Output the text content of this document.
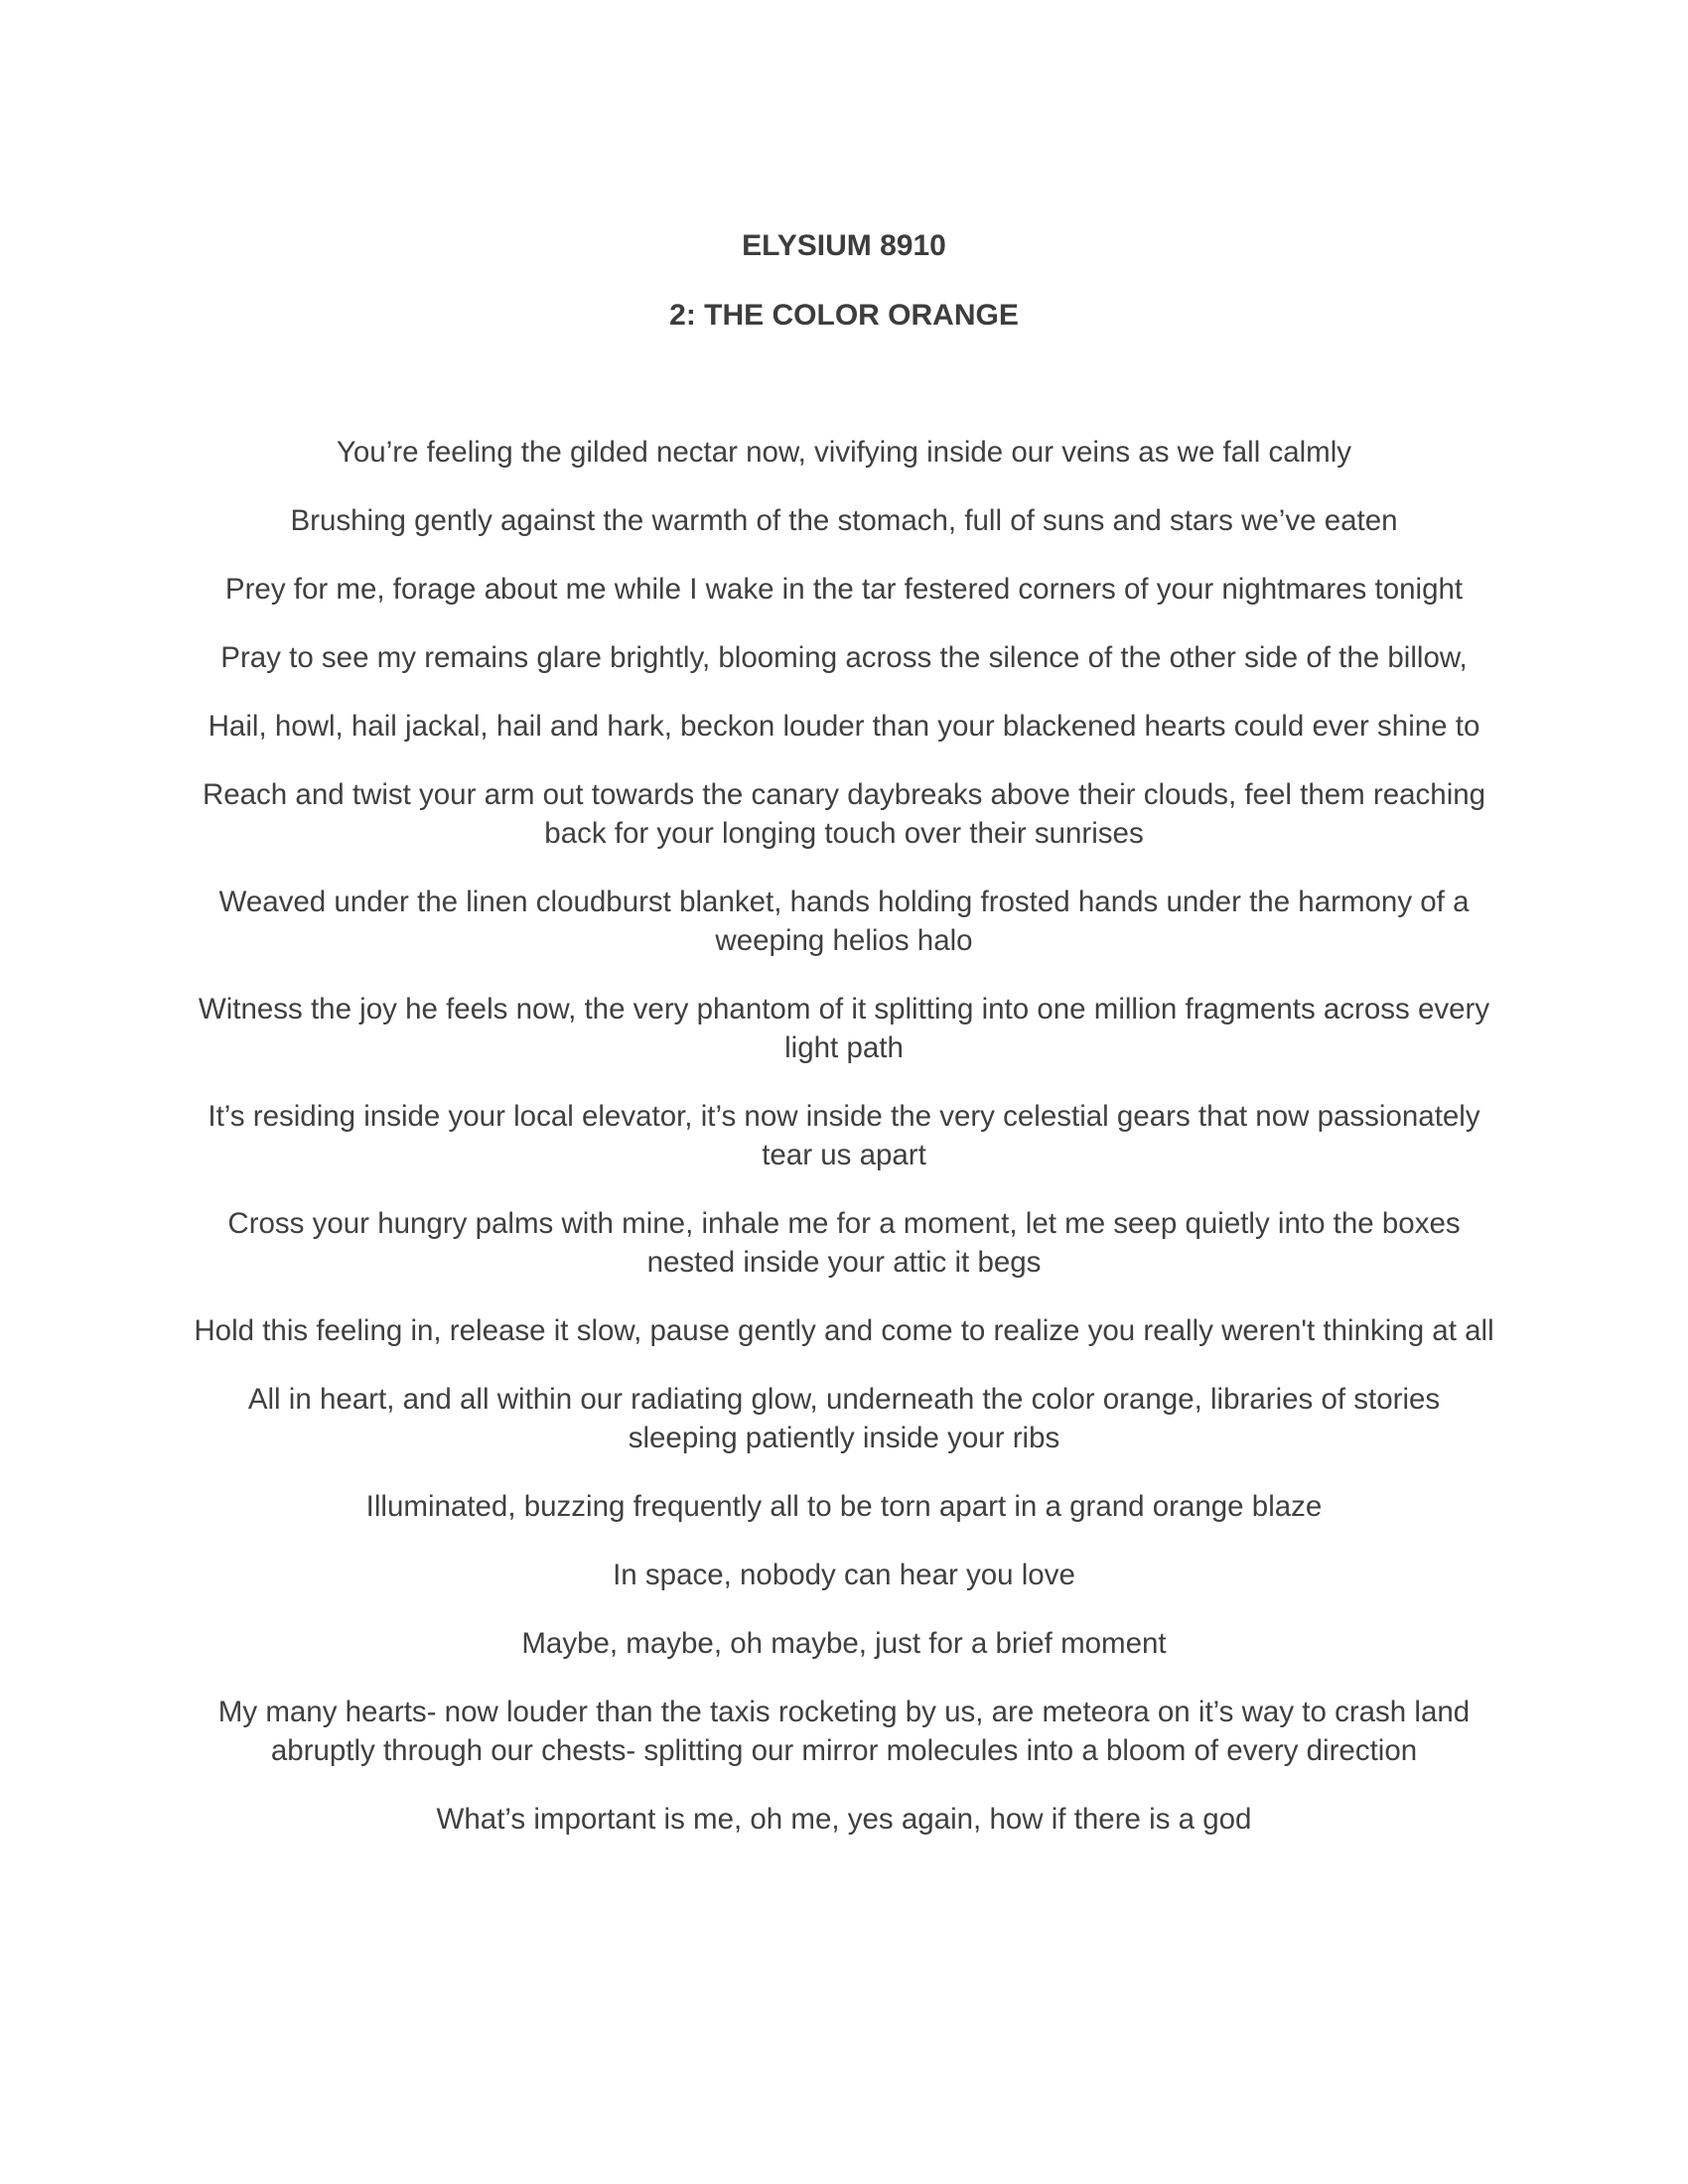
ELYSIUM 8910
2: THE COLOR ORANGE
You’re feeling the gilded nectar now, vivifying inside our veins as we fall calmly
Brushing gently against the warmth of the stomach, full of suns and stars we’ve eaten
Prey for me, forage about me while I wake in the tar festered corners of your nightmares tonight
Pray to see my remains glare brightly, blooming across the silence of the other side of the billow,
Hail, howl, hail jackal, hail and hark, beckon louder than your blackened hearts could ever shine to
Reach and twist your arm out towards the canary daybreaks above their clouds, feel them reaching back for your longing touch over their sunrises
Weaved under the linen cloudburst blanket, hands holding frosted hands under the harmony of a weeping helios halo
Witness the joy he feels now, the very phantom of it splitting into one million fragments across every light path
It’s residing inside your local elevator, it’s now inside the very celestial gears that now passionately tear us apart
Cross your hungry palms with mine, inhale me for a moment, let me seep quietly into the boxes nested inside your attic it begs
Hold this feeling in, release it slow, pause gently and come to realize you really weren't thinking at all
All in heart, and all within our radiating glow, underneath the color orange, libraries of stories sleeping patiently inside your ribs
Illuminated, buzzing frequently all to be torn apart in a grand orange blaze
In space, nobody can hear you love
Maybe, maybe, oh maybe, just for a brief moment
My many hearts- now louder than the taxis rocketing by us, are meteora on it’s way to crash land abruptly through our chests- splitting our mirror molecules into a bloom of every direction
What’s important is me, oh me, yes again, how if there is a god
